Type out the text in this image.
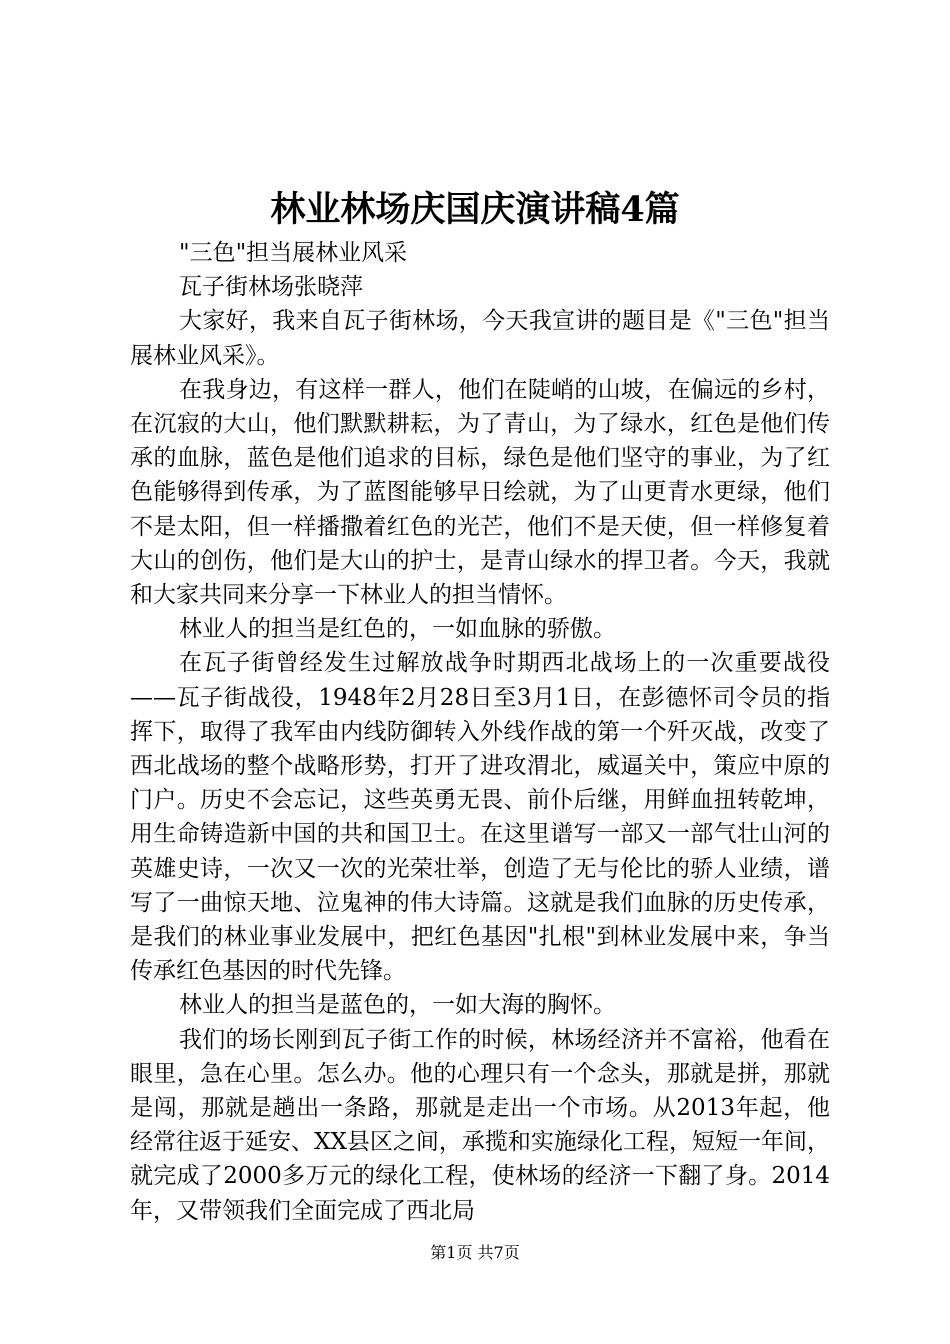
林业林场庆国庆演讲稿4篇

"三色"担当展林业风采

瓦子街林场张晓萍

大家好，我来自瓦子街林场，今天我宣讲的题目是《"三色"担当展林业风采》。

在我身边，有这样一群人，他们在陡峭的山坡，在偏远的乡村，在沉寂的大山，他们默默耕耘，为了青山，为了绿水，红色是他们传承的血脉，蓝色是他们追求的目标，绿色是他们坚守的事业，为了红色能够得到传承，为了蓝图能够早日绘就，为了山更青水更绿，他们不是太阳，但一样播撒着红色的光芒，他们不是天使，但一样修复着大山的创伤，他们是大山的护士，是青山绿水的捍卫者。今天，我就和大家共同来分享一下林业人的担当情怀。

林业人的担当是红色的，一如血脉的骄傲。

在瓦子街曾经发生过解放战争时期西北战场上的一次重要战役——瓦子街战役，1948年2月28日至3月1日，在彭德怀司令员的指挥下，取得了我军由内线防御转入外线作战的第一个歼灭战，改变了西北战场的整个战略形势，打开了进攻渭北，威逼关中，策应中原的门户。历史不会忘记，这些英勇无畏、前仆后继，用鲜血扭转乾坤，用生命铸造新中国的共和国卫士。在这里谱写一部又一部气壮山河的英雄史诗，一次又一次的光荣壮举，创造了无与伦比的骄人业绩，谱写了一曲惊天地、泣鬼神的伟大诗篇。这就是我们血脉的历史传承，是我们的林业事业发展中，把红色基因"扎根"到林业发展中来，争当传承红色基因的时代先锋。

林业人的担当是蓝色的，一如大海的胸怀。

我们的场长刚到瓦子街工作的时候，林场经济并不富裕，他看在眼里，急在心里。怎么办。他的心理只有一个念头，那就是拼，那就是闯，那就是趟出一条路，那就是走出一个市场。从2013年起，他经常往返于延安、XX县区之间，承揽和实施绿化工程，短短一年间，就完成了2000多万元的绿化工程，使林场的经济一下翻了身。2014年，又带领我们全面完成了西北局

第1页 共7页
